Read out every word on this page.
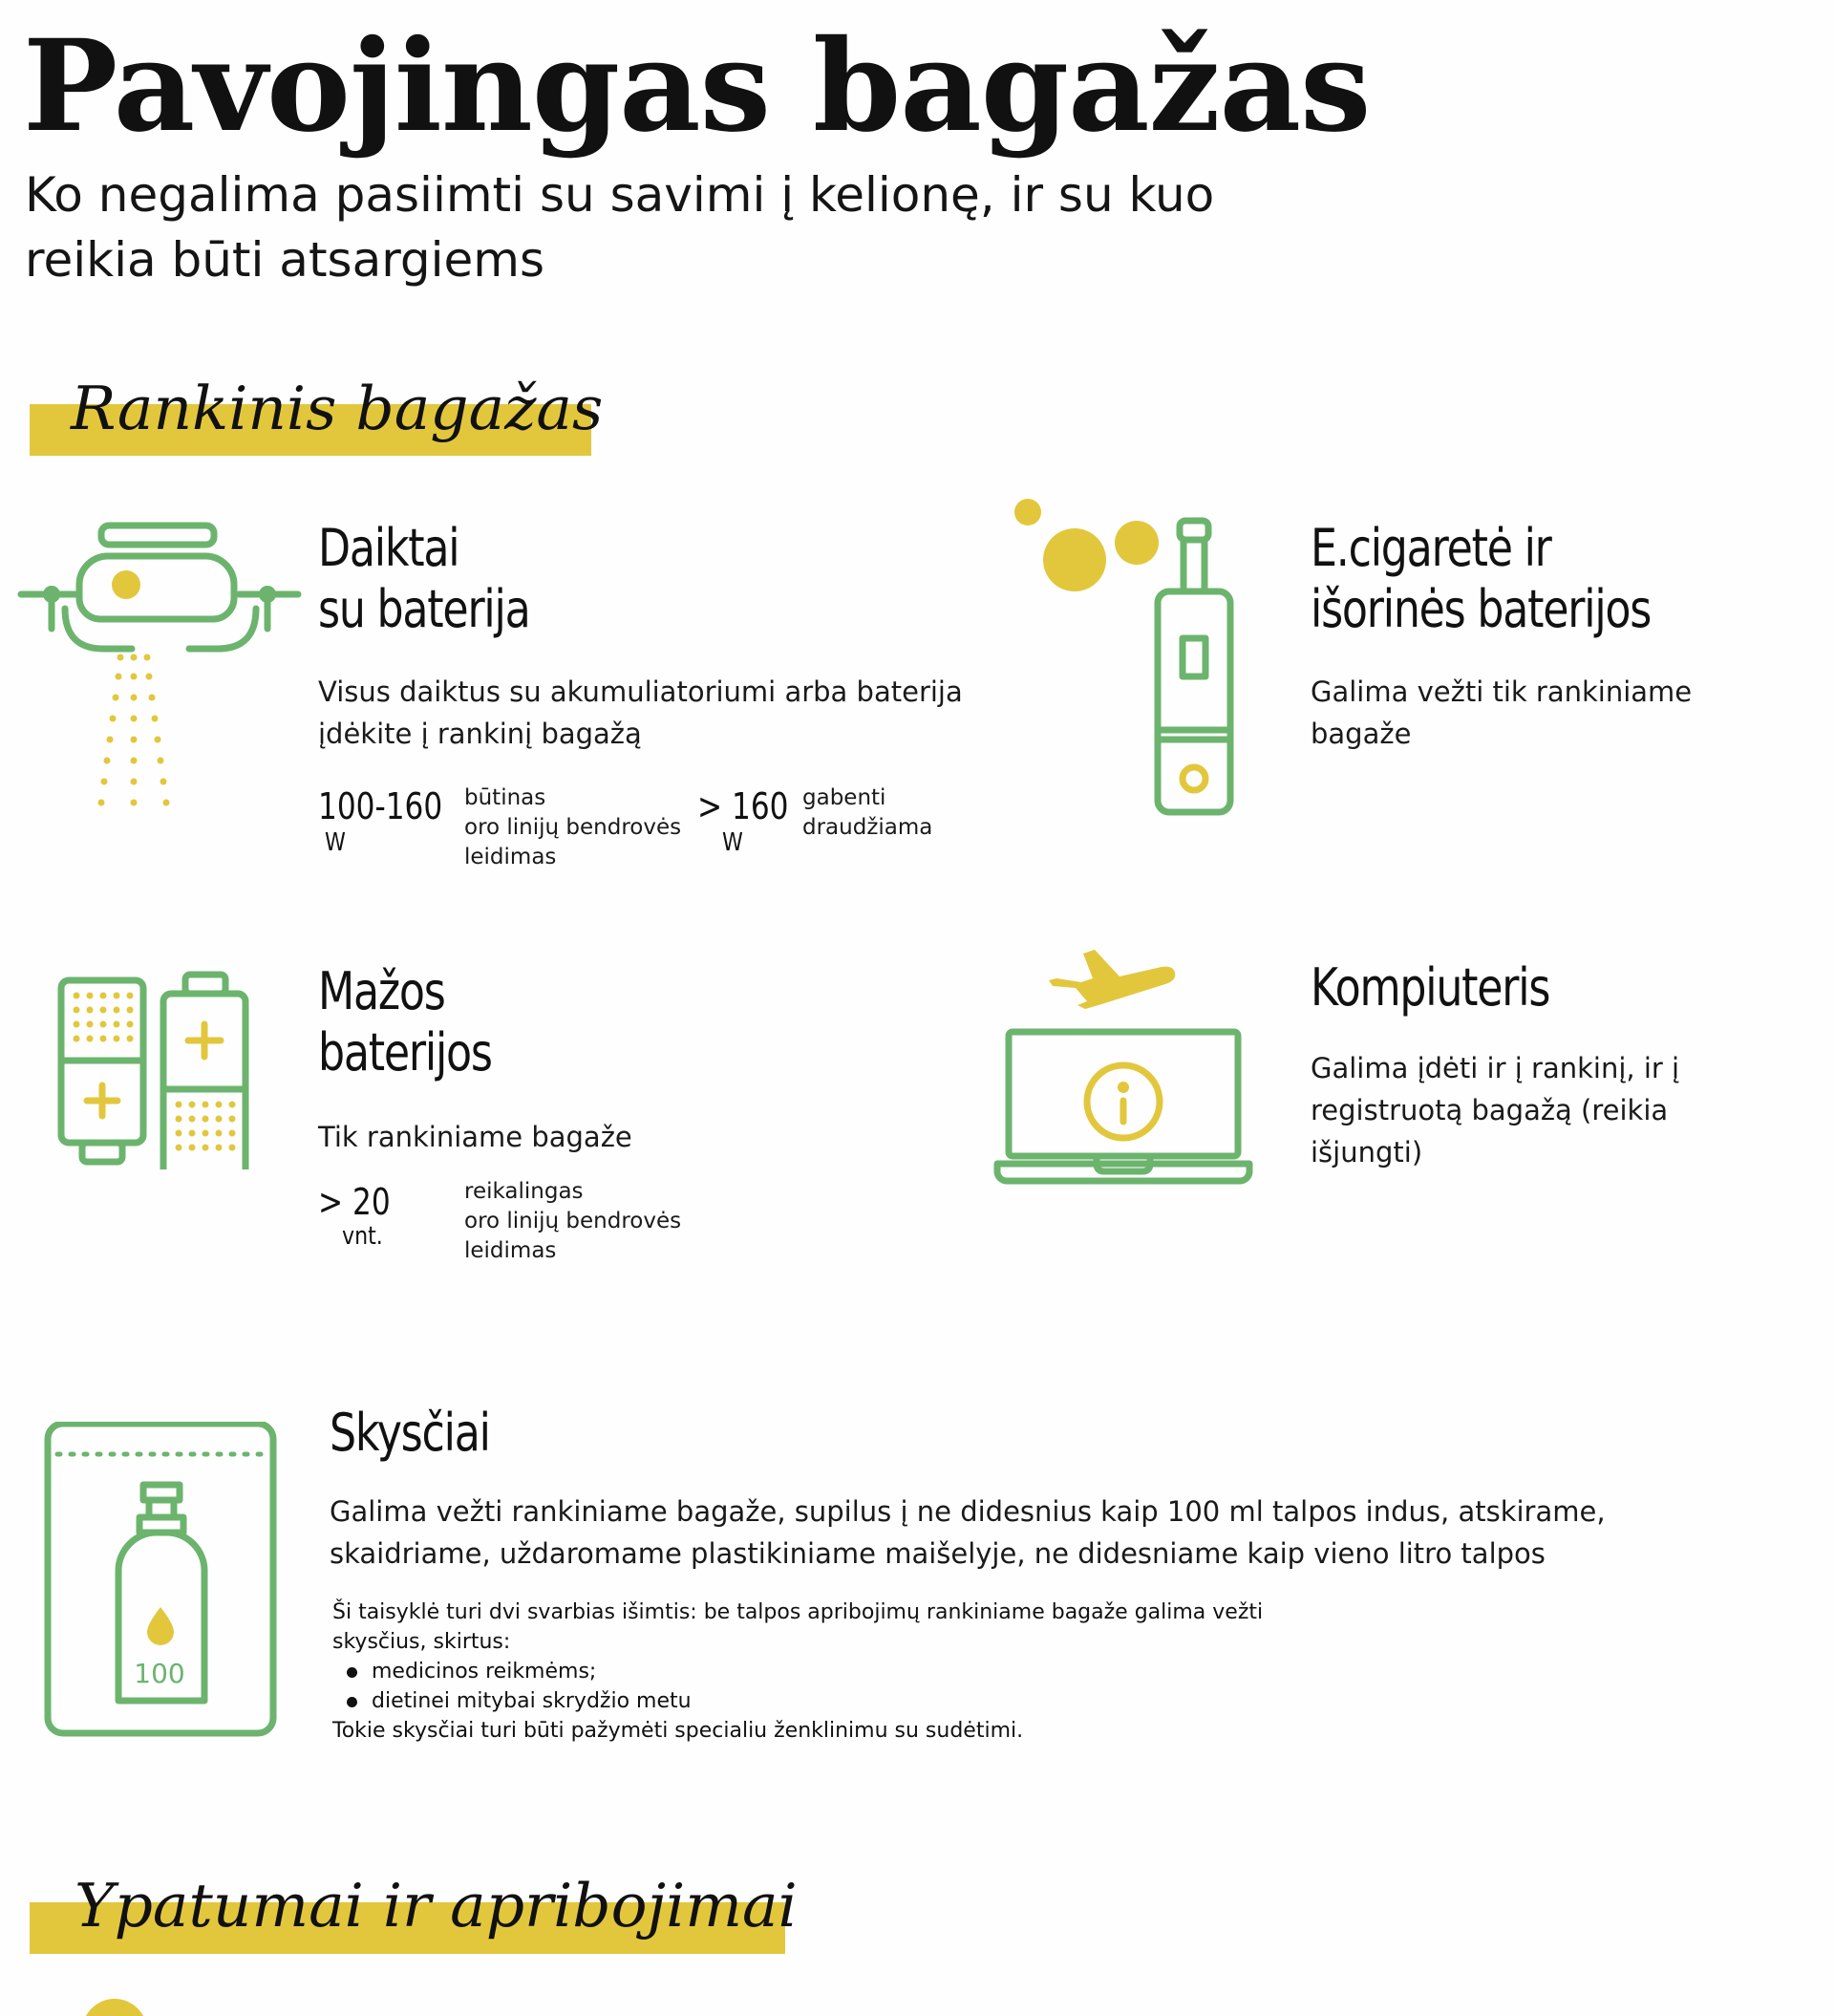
Pavojingas bagažas

Ko negalima pasiimti su savimi į kelionę, ir su kuo reikia būti atsargiems

Rankinis bagažas
Daiktai
su baterija

Visus daiktus su akumuliatoriumi arba baterija įdėkite į rankinį bagažą

100-160
W
būtinas
oro linijų bendrovės
leidimas
> 160
W
gabenti
draudžiama
E.cigaretė ir
išorinės baterijos

Galima vežti tik rankiniame bagaže

Mažos
baterijos

Tik rankiniame bagaže

> 20
vnt.
reikalingas
oro linijų bendrovės
leidimas
Kompiuteris

Galima įdėti ir į rankinį, ir į registruotą bagažą (reikia išjungti)

100
Skysčiai

Galima vežti rankiniame bagaže, supilus į ne didesnius kaip 100 ml talpos indus, atskirame, skaidriame, uždaromame plastikiniame maišelyje, ne didesniame kaip vieno litro talpos

Ši taisyklė turi dvi svarbias išimtis: be talpos apribojimų rankiniame bagaže galima vežti skysčius, skirtus:

medicinos reikmėms;
dietinei mitybai skrydžio metu

Tokie skysčiai turi būti pažymėti specialiu ženklinimu su sudėtimi.

Ypatumai ir apribojimai
